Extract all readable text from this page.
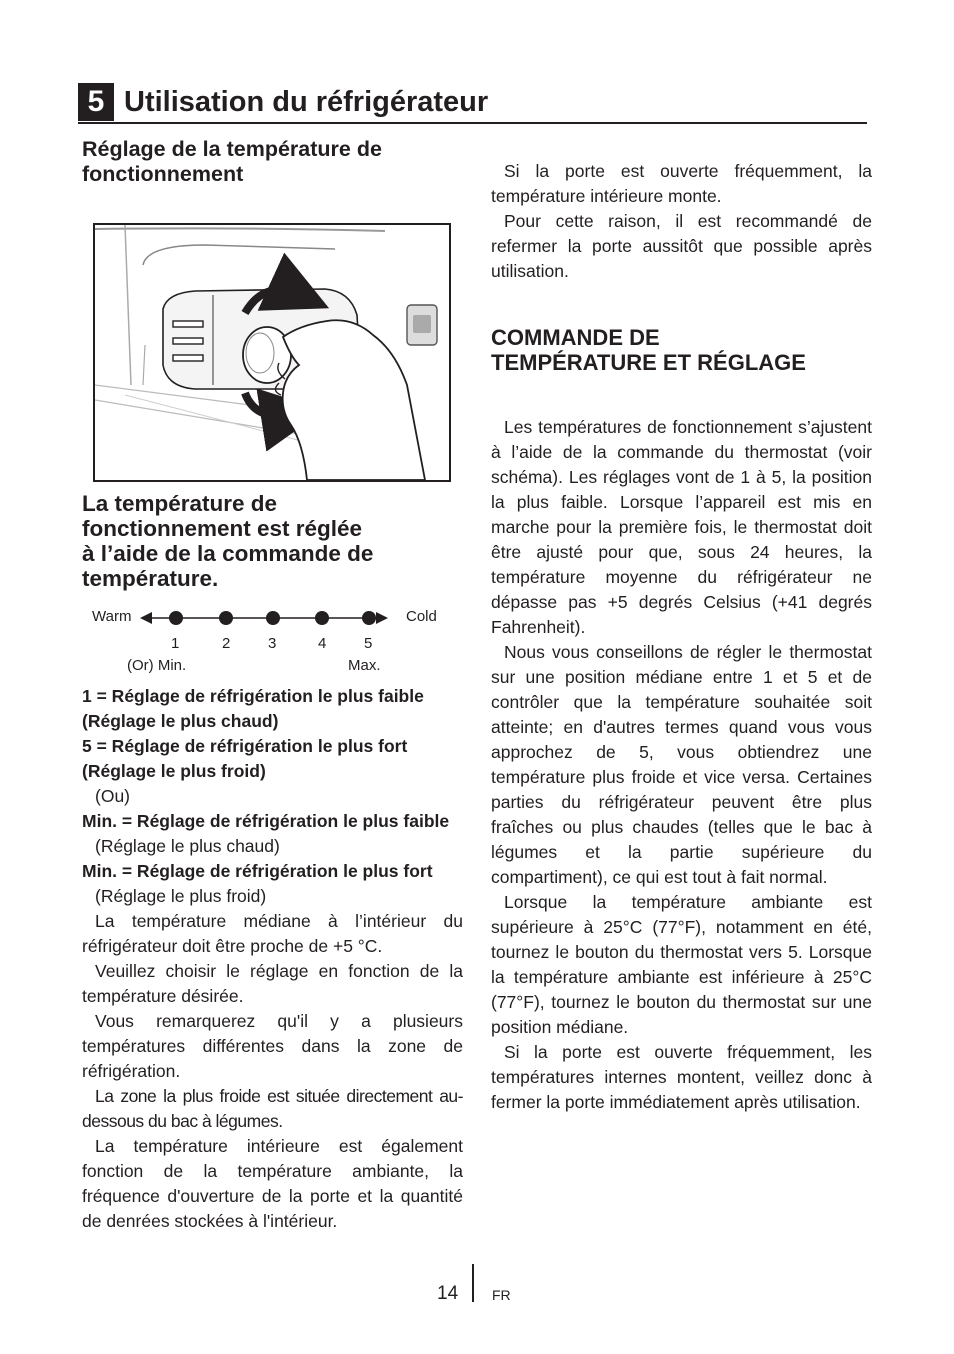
5 Utilisation du réfrigérateur
Réglage de la température de
fonctionnement
La température de
fonctionnement est réglée
à l’aide de la commande de
température.
Warm	Cold
1	2	3	4	5
(Or) Min.	Max.

1 = Réglage de réfrigération le plus faible (Réglage le plus chaud)

5 = Réglage de réfrigération le plus fort (Réglage le plus froid)

(Ou)

Min. = Réglage de réfrigération le plus faible

(Réglage le plus chaud)

Min. = Réglage de réfrigération le plus fort

(Réglage le plus froid)

La température médiane à l’intérieur du réfrigérateur doit être proche de +5 °C.

Veuillez choisir le réglage en fonction de la température désirée.

Vous remarquerez qu'il y a plusieurs températures différentes dans la zone de réfrigération.

La zone la plus froide est située directement au-dessous du bac à légumes.

La température intérieure est également fonction de la température ambiante, la fréquence d'ouverture de la porte et la quantité de denrées stockées à l'intérieur.

Si la porte est ouverte fréquemment, la température intérieure monte.

Pour cette raison, il est recommandé de refermer la porte aussitôt que possible après utilisation.

COMMANDE DE
TEMPÉRATURE ET RÉGLAGE

Les températures de fonctionnement s’ajustent à l’aide de la commande du thermostat (voir schéma). Les réglages vont de 1 à 5, la position la plus faible. Lorsque l’appareil est mis en marche pour la première fois, le thermostat doit être ajusté pour que, sous 24 heures, la température moyenne du réfrigérateur ne dépasse pas +5 degrés Celsius (+41 degrés Fahrenheit).

Nous vous conseillons de régler le thermostat sur une position médiane entre 1 et 5 et de contrôler que la température souhaitée soit atteinte; en d'autres termes quand vous vous approchez de 5, vous obtiendrez une température plus froide et vice versa. Certaines parties du réfrigérateur peuvent être plus fraîches ou plus chaudes (telles que le bac à légumes et la partie supérieure du compartiment), ce qui est tout à fait normal.

Lorsque la température ambiante est supérieure à 25°C (77°F), notamment en été, tournez le bouton du thermostat vers 5. Lorsque la température ambiante est inférieure à 25°C (77°F), tournez le bouton du thermostat sur une position médiane.

Si la porte est ouverte fréquemment, les températures internes montent, veillez donc à fermer la porte immédiatement après utilisation.

14 FR
